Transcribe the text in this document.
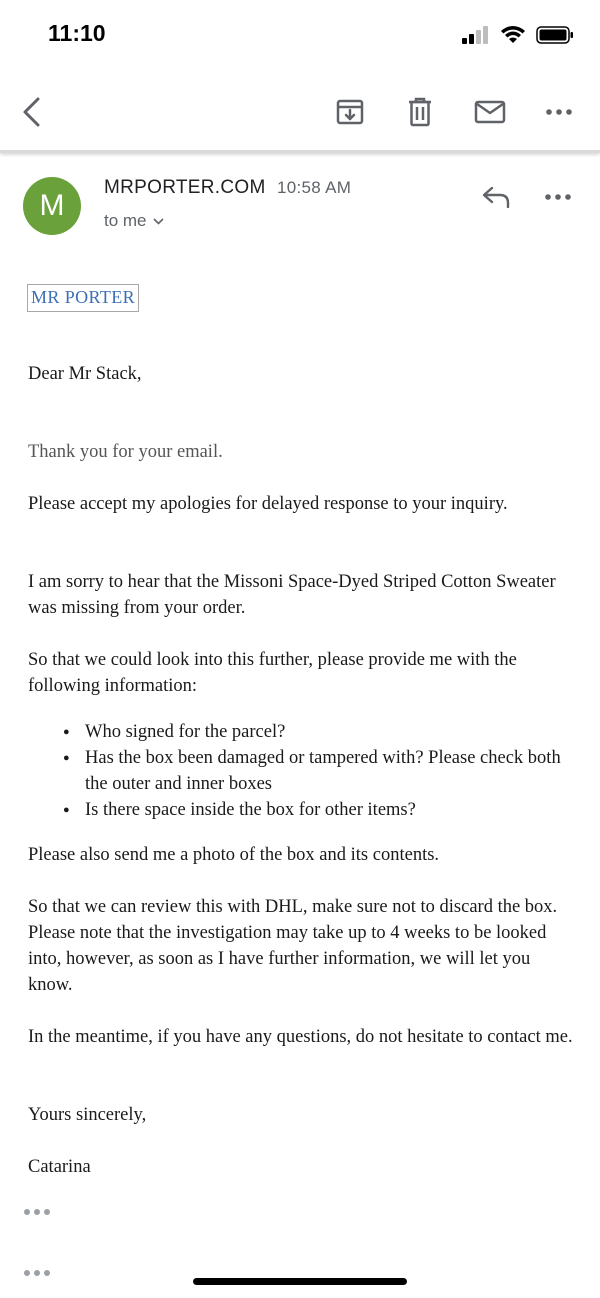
11:10
M
MRPORTER.COM 10:58 AM
to me
MR PORTER
Dear Mr Stack,
Thank you for your email.
Please accept my apologies for delayed response to your inquiry.
I am sorry to hear that the Missoni Space-Dyed Striped Cotton Sweater was missing from your order.
So that we could look into this further, please provide me with the following information:
● Who signed for the parcel?
● Has the box been damaged or tampered with? Please check both the outer and inner boxes
● Is there space inside the box for other items?
Please also send me a photo of the box and its contents.
So that we can review this with DHL, make sure not to discard the box. Please note that the investigation may take up to 4 weeks to be looked into, however, as soon as I have further information, we will let you know.
In the meantime, if you have any questions, do not hesitate to contact me.
Yours sincerely,
Catarina
